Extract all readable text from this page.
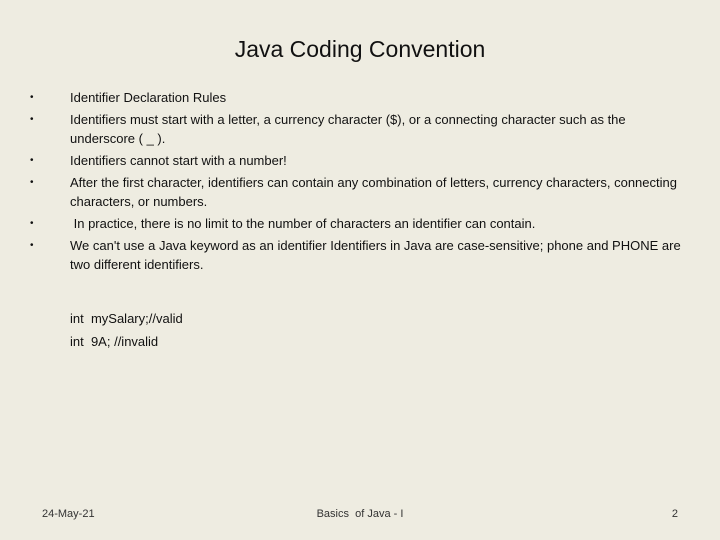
Java Coding Convention
•	Identifier Declaration Rules
•	Identifiers must start with a letter, a currency character ($), or a connecting character such as the underscore ( _ ).
•	Identifiers cannot start with a number!
•	After the first character, identifiers can contain any combination of letters, currency characters, connecting characters, or numbers.
•	In practice, there is no limit to the number of characters an identifier can contain.
•	We can't use a Java keyword as an identifier Identifiers in Java are case-sensitive; phone and PHONE are two different identifiers.
int  mySalary;//valid
int  9A; //invalid
24-May-21	Basics  of Java - I	2
